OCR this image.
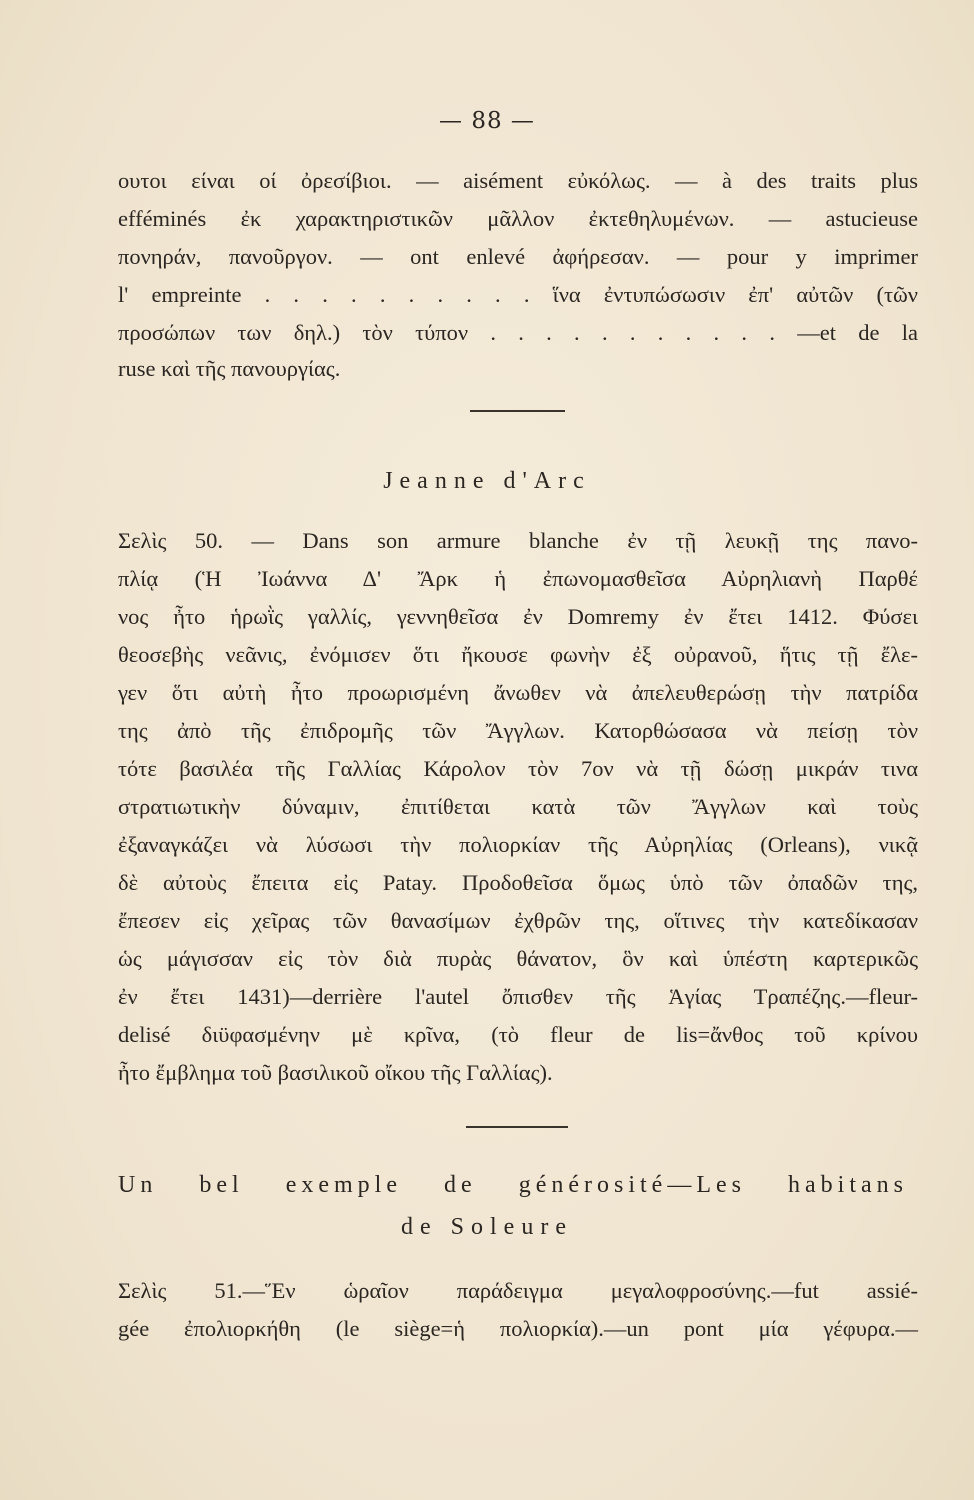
— 88 —
ουτοι είναι οί ὀρεσίβιοι. — aisément εὐκόλως. — à des traits plus
efféminés ἐκ χαρακτηριστικῶν μᾶλλον ἐκτεθηλυμένων. — astucieuse
πονηράν, πανοῦργον. — ont enlevé ἀφήρεσαν. — pour y imprimer
l' empreinte . . . . . . . . . . ἵνα ἐντυπώσωσιν ἐπ' αὐτῶν (τῶν
προσώπων των δηλ.) τὸν τύπον . . . . . . . . . . . —et de la
ruse καὶ τῆς πανουργίας.
Jeanne d'Arc
Σελὶς 50. — Dans son armure blanche ἐν τῇ λευκῇ της πανο-
πλίᾳ (Ἡ Ἰωάννα Δ' Ἄρκ ἡ ἐπωνομασθεῖσα Αὐρηλιανὴ Παρθέ
νος ἦτο ἡρωῒς γαλλίς, γεννηθεῖσα ἐν Domremy ἐν ἔτει 1412. Φύσει
θεοσεβὴς νεᾶνις, ἐνόμισεν ὅτι ἤκουσε φωνὴν ἐξ οὐρανοῦ, ἥτις τῇ ἔλε-
γεν ὅτι αὐτὴ ἦτο προωρισμένη ἄνωθεν νὰ ἀπελευθερώσῃ τὴν πατρίδα
της ἀπὸ τῆς ἐπιδρομῆς τῶν Ἄγγλων. Κατορθώσασα νὰ πείσῃ τὸν
τότε βασιλέα τῆς Γαλλίας Κάρολον τὸν 7ον νὰ τῇ δώσῃ μικράν τινα
στρατιωτικὴν δύναμιν, ἐπιτίθεται κατὰ τῶν Ἄγγλων καὶ τοὺς
ἐξαναγκάζει νὰ λύσωσι τὴν πολιορκίαν τῆς Αὐρηλίας (Orleans), νικᾷ
δὲ αὐτοὺς ἔπειτα εἰς Patay. Προδοθεῖσα ὅμως ὑπὸ τῶν ὀπαδῶν της,
ἔπεσεν εἰς χεῖρας τῶν θανασίμων ἐχθρῶν της, οἵτινες τὴν κατεδίκασαν
ὡς μάγισσαν εἰς τὸν διὰ πυρὰς θάνατον, ὃν καὶ ὑπέστη καρτερικῶς
ἐν ἔτει 1431)—derrière l'autel ὄπισθεν τῆς Ἁγίας Τραπέζης.—fleur-
delisé διϋφασμένην μὲ κρῖνα, (τὸ fleur de lis=ἄνθος τοῦ κρίνου
ἦτο ἔμβλημα τοῦ βασιλικοῦ οἴκου τῆς Γαλλίας).
Un bel exemple de générosité—Les habitans
de Soleure
Σελὶς 51.—Ἕν ὡραῖον παράδειγμα μεγαλοφροσύνης.—fut assié-
gée ἐπολιορκήθη (le siège=ἡ πολιορκία).—un pont μία γέφυρα.—
